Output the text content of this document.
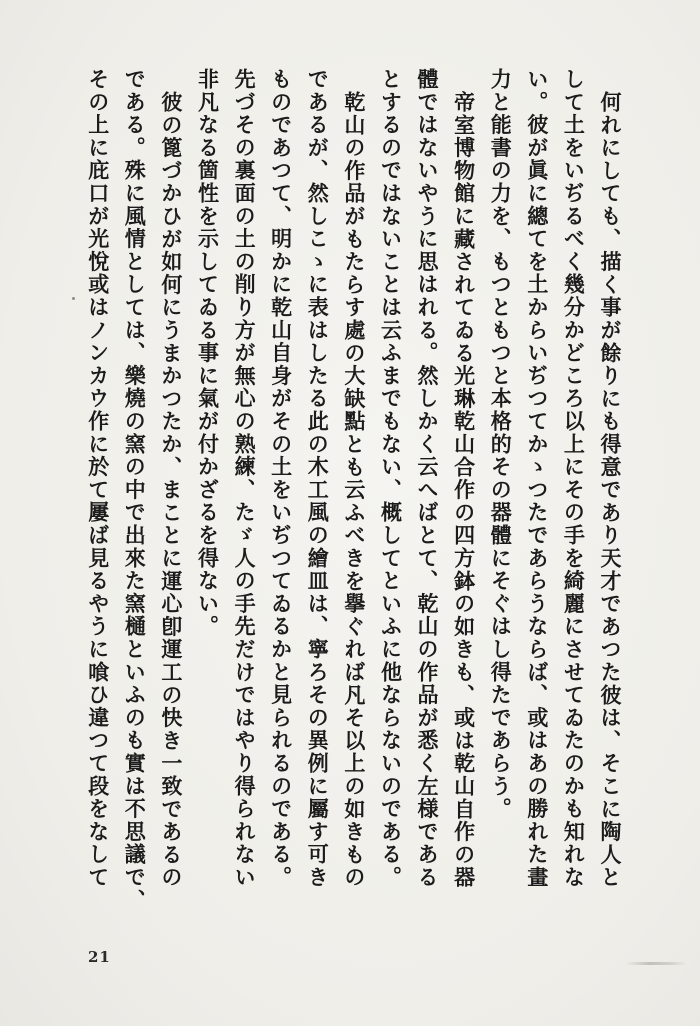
何れにしても、描く事が餘りにも得意であり天才であつた彼は、そこに陶人と
して土をいぢるべく幾分かどころ以上にその手を綺麗にさせてゐたのかも知れな
い。彼が眞に總てを土からいぢつてかゝつたであらうならば、或はあの勝れた畫
力と能書の力を、もつともつと本格的その器體にそぐはし得たであらう。
帝室博物館に藏されてゐる光琳乾山合作の四方鉢の如きも、或は乾山自作の器
體ではないやうに思はれる。然しかく云へばとて、乾山の作品が悉く左様である
とするのではないことは云ふまでもない、概してといふに他ならないのである。
乾山の作品がもたらす處の大缺點とも云ふべきを擧ぐれば凡そ以上の如きもの
であるが、然しこゝに表はしたる此の木工風の繪皿は、寧ろその異例に屬す可き
ものであつて、明かに乾山自身がその土をいぢつてゐるかと見られるのである。
先づその裏面の土の削り方が無心の熟練、たゞ人の手先だけではやり得られない
非凡なる箇性を示してゐる事に氣が付かざるを得ない。
彼の篦づかひが如何にうまかつたか、まことに運心卽運工の快き一致であるの
である。殊に風情としては、樂燒の窯の中で出來た窯樋といふのも實は不思議で、
その上に庇口が光悅或はノンカウ作に於て屢ば見るやうに喰ひ違つて段をなして
21
